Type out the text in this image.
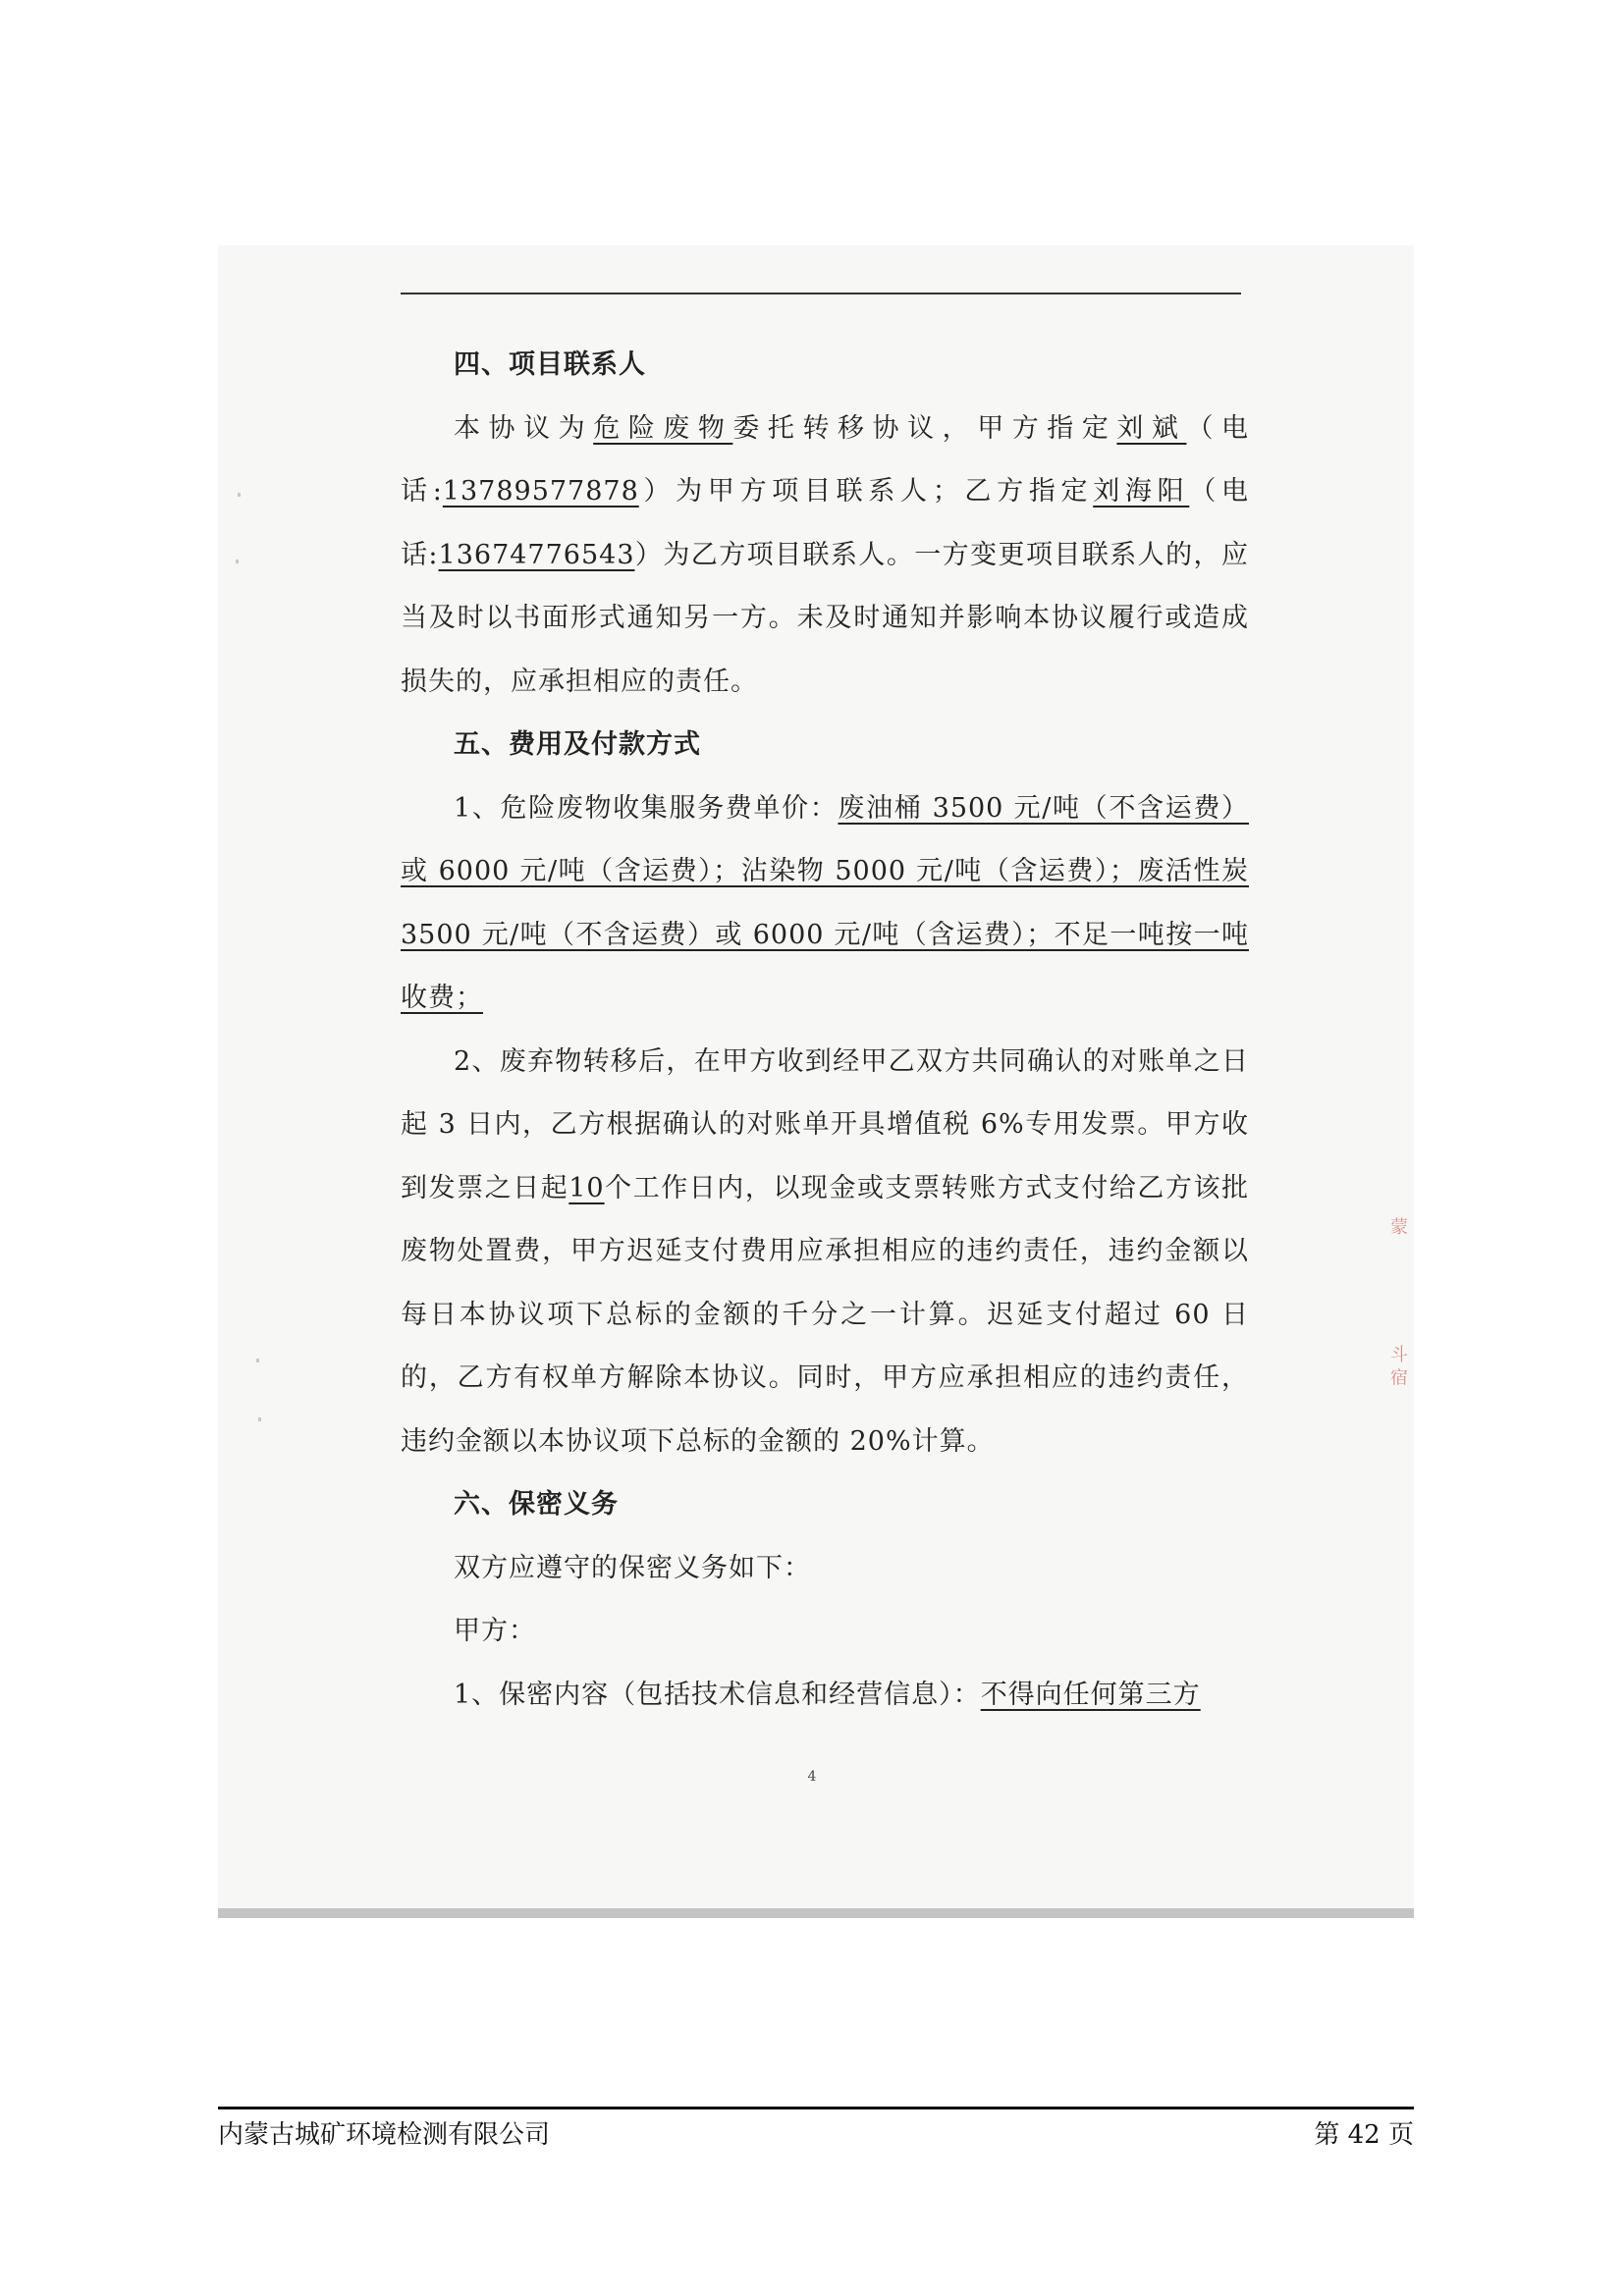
蒙
斗 宿

四、项目联系人

本协议为危险废物委托转移协议，甲方指定刘斌（电话:13789577878）为甲方项目联系人；乙方指定刘海阳（电话:13674776543）为乙方项目联系人。一方变更项目联系人的，应当及时以书面形式通知另一方。未及时通知并影响本协议履行或造成损失的，应承担相应的责任。

五、费用及付款方式

1、危险废物收集服务费单价：废油桶 3500 元/吨（不含运费）或 6000 元/吨（含运费）；沾染物 5000 元/吨（含运费）；废活性炭 3500 元/吨（不含运费）或 6000 元/吨（含运费）；不足一吨按一吨收费；

2、废弃物转移后，在甲方收到经甲乙双方共同确认的对账单之日起 3 日内，乙方根据确认的对账单开具增值税 6%专用发票。甲方收到发票之日起10个工作日内，以现金或支票转账方式支付给乙方该批废物处置费，甲方迟延支付费用应承担相应的违约责任，违约金额以每日本协议项下总标的金额的千分之一计算。迟延支付超过 60 日的，乙方有权单方解除本协议。同时，甲方应承担相应的违约责任，违约金额以本协议项下总标的金额的 20%计算。

六、保密义务

双方应遵守的保密义务如下：

甲方：

1、保密内容（包括技术信息和经营信息）：不得向任何第三方

4
内蒙古城矿环境检测有限公司	第 42 页
